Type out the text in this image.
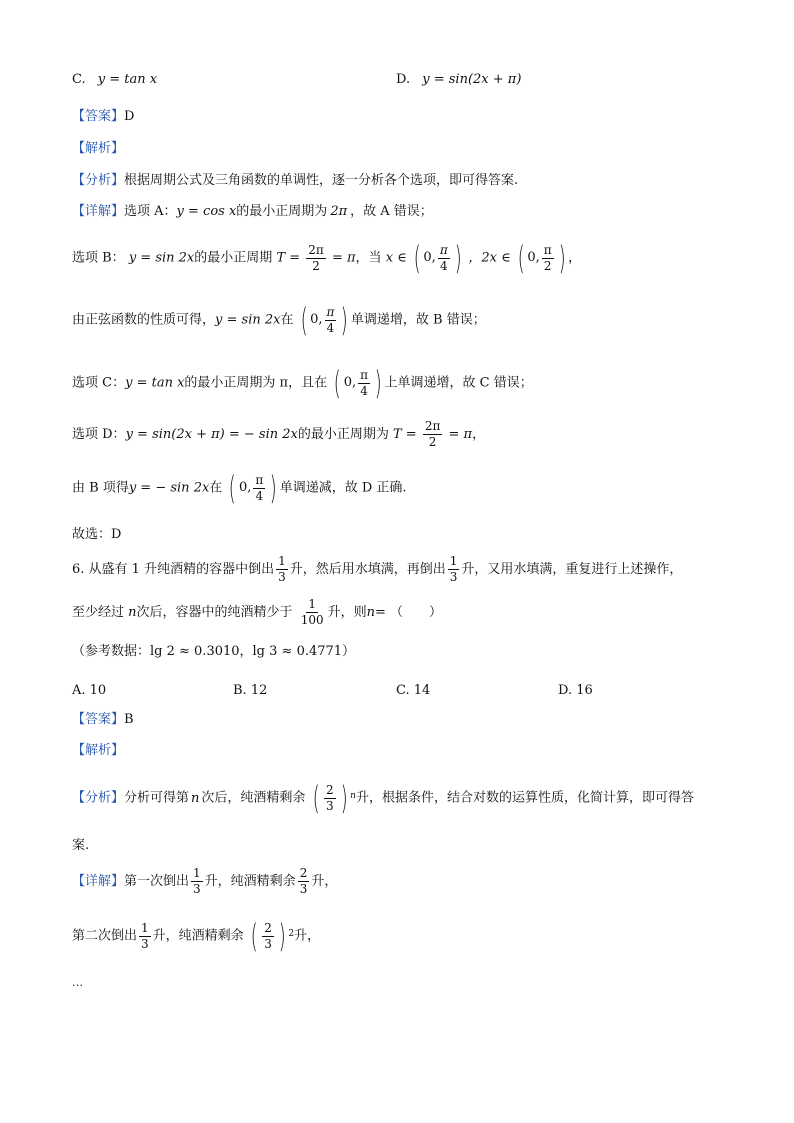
C. y = tan x	D. y = sin(2x + π)
【答案】D
【解析】
【分析】根据周期公式及三角函数的单调性，逐一分析各个选项，即可得答案.
【详解】选项 A：y = cos x的最小正周期为 2π ，故 A 错误；
选项 B： y = sin 2x的最小正周期 $T = \frac{2\pi}{2} = \pi$，当 x ∈ ( 0, $\frac{\pi}{4}$ ) ，2x ∈ ( 0, $\frac{\pi}{2}$ ) ，
由正弦函数的性质可得，y = sin 2x在 ( 0, $\frac{\pi}{4}$ ) 单调递增，故 B 错误；
选项 C：y = tan x的最小正周期为 π，且在 ( 0, $\frac{\pi}{4}$ ) 上单调递增，故 C 错误；
选项 D：y = sin(2x + π) = − sin 2x的最小正周期为 $T = \frac{2\pi}{2} = \pi$，
由 B 项得y = − sin 2x在 ( 0, $\frac{\pi}{4}$ ) 单调递减，故 D 正确.
故选：D
6. 从盛有 1 升纯酒精的容器中倒出 $\frac{1}{3}$ 升，然后用水填满，再倒出 $\frac{1}{3}$ 升，又用水填满，重复进行上述操作，
至少经过 n次后，容器中的纯酒精少于 $\frac{1}{100}$ 升，则n= （　　）
（参考数据：lg 2 ≈ 0.3010，lg 3 ≈ 0.4771）
A. 10	B. 12	C. 14	D. 16
【答案】B
【解析】
【分析】分析可得第 n 次后，纯酒精剩余 ( $\frac{2}{3}$ ) n 升，根据条件，结合对数的运算性质，化简计算，即可得答
案.
【详解】第一次倒出 $\frac{1}{3}$ 升，纯酒精剩余 $\frac{2}{3}$ 升，
第二次倒出 $\frac{1}{3}$ 升，纯酒精剩余 ( $\frac{2}{3}$ ) 2 升，
…
